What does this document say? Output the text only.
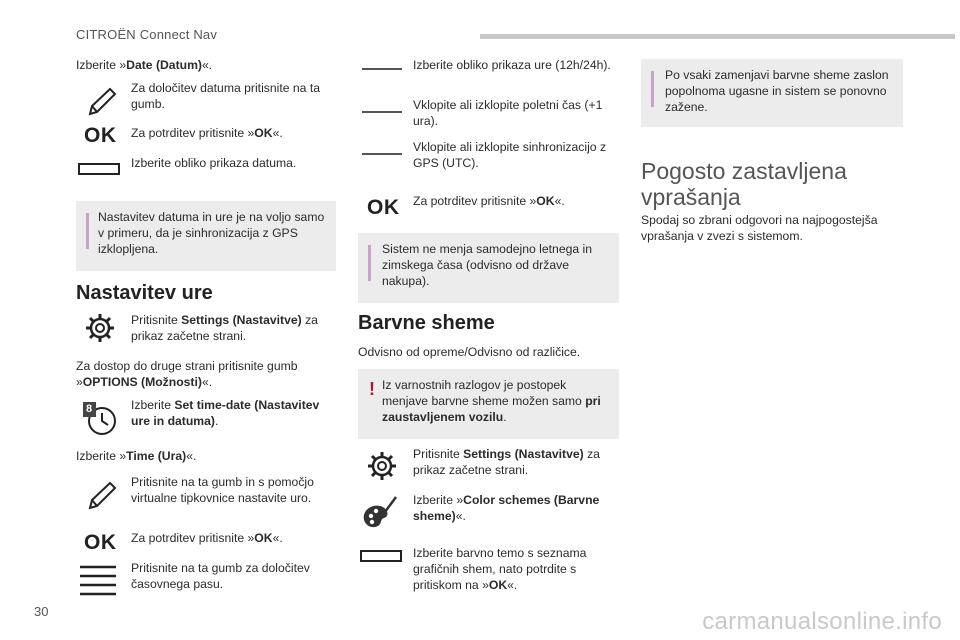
CITROËN Connect Nav
Izberite »Date (Datum)«.
Za določitev datuma pritisnite na ta gumb.
OK Za potrditev pritisnite »OK«.
Izberite obliko prikaza datuma.
Nastavitev datuma in ure je na voljo samo v primeru, da je sinhronizacija z GPS izklopljena.
Nastavitev ure
Pritisnite Settings (Nastavitve) za prikaz začetne strani.
Za dostop do druge strani pritisnite gumb »OPTIONS (Možnosti)«.
8	Izberite Set time-date (Nastavitev ure in datuma).
Izberite »Time (Ura)«.
Pritisnite na ta gumb in s pomočjo virtualne tipkovnice nastavite uro.
OK Za potrditev pritisnite »OK«.
Pritisnite na ta gumb za določitev časovnega pasu.
Izberite obliko prikaza ure (12h/24h).
Vklopite ali izklopite poletni čas (+1 ura).
Vklopite ali izklopite sinhronizacijo z GPS (UTC).
OK Za potrditev pritisnite »OK«.
Sistem ne menja samodejno letnega in zimskega časa (odvisno od države nakupa).
Barvne sheme
Odvisno od opreme/Odvisno od različice.
! Iz varnostnih razlogov je postopek menjave barvne sheme možen samo pri zaustavljenem vozilu.
Pritisnite Settings (Nastavitve) za prikaz začetne strani.
Izberite »Color schemes (Barvne sheme)«.
Izberite barvno temo s seznama grafičnih shem, nato potrdite s pritiskom na »OK«.
Po vsaki zamenjavi barvne sheme zaslon popolnoma ugasne in sistem se ponovno zažene.
Pogosto zastavljena vprašanja
Spodaj so zbrani odgovori na najpogostejša vprašanja v zvezi s sistemom.
30	carmanualsonline.info
